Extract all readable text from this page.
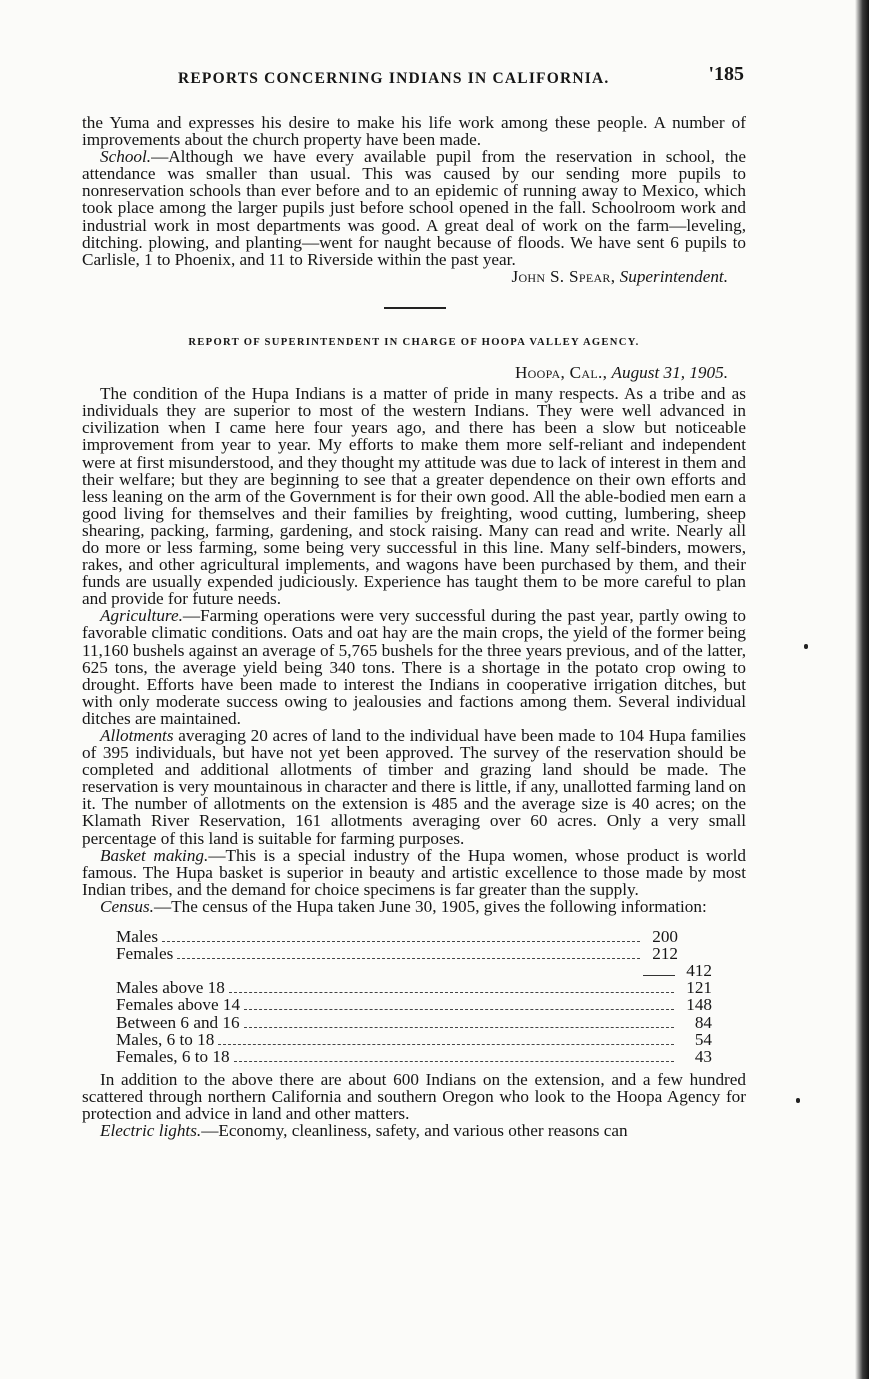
REPORTS CONCERNING INDIANS IN CALIFORNIA.	'185

the Yuma and expresses his desire to make his life work among these people. A number of improvements about the church property have been made.

School.—Although we have every available pupil from the reservation in school, the attendance was smaller than usual. This was caused by our sending more pupils to nonreservation schools than ever before and to an epidemic of running away to Mexico, which took place among the larger pupils just before school opened in the fall. Schoolroom work and industrial work in most departments was good. A great deal of work on the farm—leveling, ditching. plowing, and planting—went for naught because of floods. We have sent 6 pupils to Carlisle, 1 to Phoenix, and 11 to Riverside within the past year.

John S. Spear, Superintendent.

REPORT OF SUPERINTENDENT IN CHARGE OF HOOPA VALLEY AGENCY.

Hoopa, Cal., August 31, 1905.

The condition of the Hupa Indians is a matter of pride in many respects. As a tribe and as individuals they are superior to most of the western Indians. They were well advanced in civilization when I came here four years ago, and there has been a slow but noticeable improvement from year to year. My efforts to make them more self-reliant and independent were at first misunderstood, and they thought my attitude was due to lack of interest in them and their welfare; but they are beginning to see that a greater dependence on their own efforts and less leaning on the arm of the Government is for their own good. All the able-bodied men earn a good living for themselves and their families by freighting, wood cutting, lumbering, sheep shearing, packing, farming, gardening, and stock raising. Many can read and write. Nearly all do more or less farming, some being very successful in this line. Many self-binders, mowers, rakes, and other agricultural implements, and wagons have been purchased by them, and their funds are usually expended judiciously. Experience has taught them to be more careful to plan and provide for future needs.

Agriculture.—Farming operations were very successful during the past year, partly owing to favorable climatic conditions. Oats and oat hay are the main crops, the yield of the former being 11,160 bushels against an average of 5,765 bushels for the three years previous, and of the latter, 625 tons, the average yield being 340 tons. There is a shortage in the potato crop owing to drought. Efforts have been made to interest the Indians in cooperative irrigation ditches, but with only moderate success owing to jealousies and factions among them. Several individual ditches are maintained.

Allotments averaging 20 acres of land to the individual have been made to 104 Hupa families of 395 individuals, but have not yet been approved. The survey of the reservation should be completed and additional allotments of timber and grazing land should be made. The reservation is very mountainous in character and there is little, if any, unallotted farming land on it. The number of allotments on the extension is 485 and the average size is 40 acres; on the Klamath River Reservation, 161 allotments averaging over 60 acres. Only a very small percentage of this land is suitable for farming purposes.

Basket making.—This is a special industry of the Hupa women, whose product is world famous. The Hupa basket is superior in beauty and artistic excellence to those made by most Indian tribes, and the demand for choice specimens is far greater than the supply.

Census.—The census of the Hupa taken June 30, 1905, gives the following information:

Males	200
Females	212
412
Males above 18	121
Females above 14	148
Between 6 and 16	84
Males, 6 to 18	54
Females, 6 to 18	43

In addition to the above there are about 600 Indians on the extension, and a few hundred scattered through northern California and southern Oregon who look to the Hoopa Agency for protection and advice in land and other matters.

Electric lights.—Economy, cleanliness, safety, and various other reasons can
